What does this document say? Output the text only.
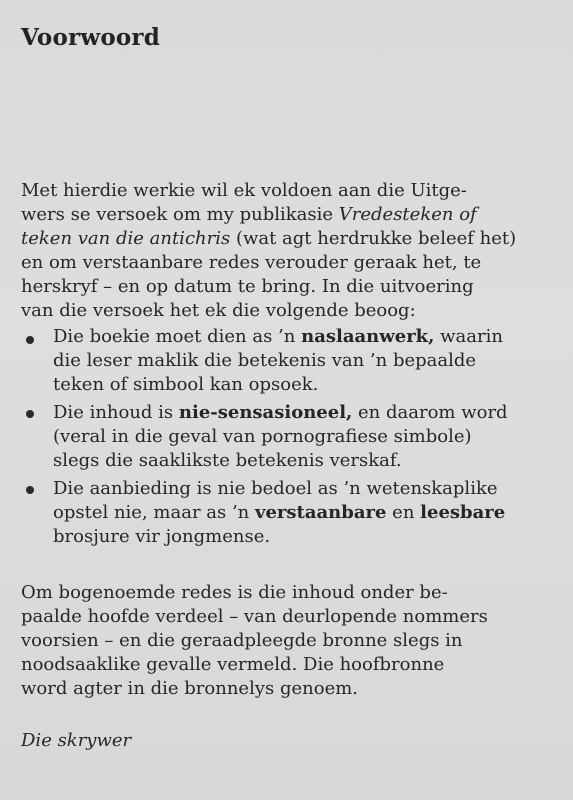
Voorwoord
Met hierdie werkie wil ek voldoen aan die Uitge-
wers se versoek om my publikasie Vredesteken of
teken van die antichris (wat agt herdrukke beleef het)
en om verstaanbare redes verouder geraak het, te
herskryf – en op datum te bring. In die uitvoering
van die versoek het ek die volgende beoog:
Die boekie moet dien as ’n naslaanwerk, waarin
die leser maklik die betekenis van ’n bepaalde
teken of simbool kan opsoek.
Die inhoud is nie-sensasioneel, en daarom word
(veral in die geval van pornografiese simbole)
slegs die saaklikste betekenis verskaf.
Die aanbieding is nie bedoel as ’n wetenskaplike
opstel nie, maar as ’n verstaanbare en leesbare
brosjure vir jongmense.
Om bogenoemde redes is die inhoud onder be-
paalde hoofde verdeel – van deurlopende nommers
voorsien – en die geraadpleegde bronne slegs in
noodsaaklike gevalle vermeld. Die hoofbronne
word agter in die bronnelys genoem.
Die skrywer
